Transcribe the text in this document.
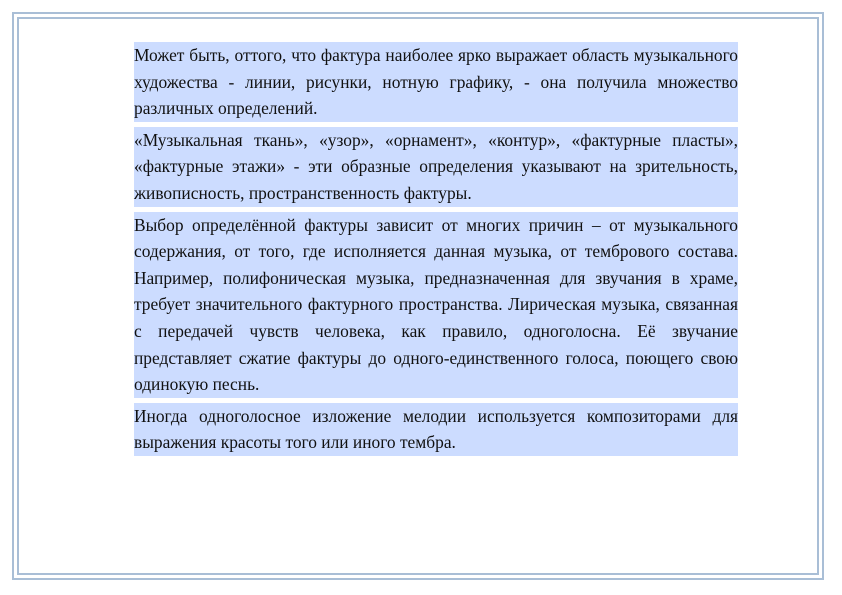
Может быть, оттого, что фактура наиболее ярко выражает область музыкального художества - линии, рисунки, нотную графику, - она получила множество различных определений.

«Музыкальная ткань», «узор», «орнамент», «контур», «фактурные пласты», «фактурные этажи» - эти образные определения указывают на зрительность, живописность, пространственность фактуры.

Выбор определённой фактуры зависит от многих причин – от музыкального содержания, от того, где исполняется данная музыка, от тембрового состава. Например, полифоническая музыка, предназначенная для звучания в храме, требует значительного фактурного пространства. Лирическая музыка, связанная с передачей чувств человека, как правило, одноголосна. Её звучание представляет сжатие фактуры до одного-единственного голоса, поющего свою одинокую песнь.

Иногда одноголосное изложение мелодии используется композиторами для выражения красоты того или иного тембра.
